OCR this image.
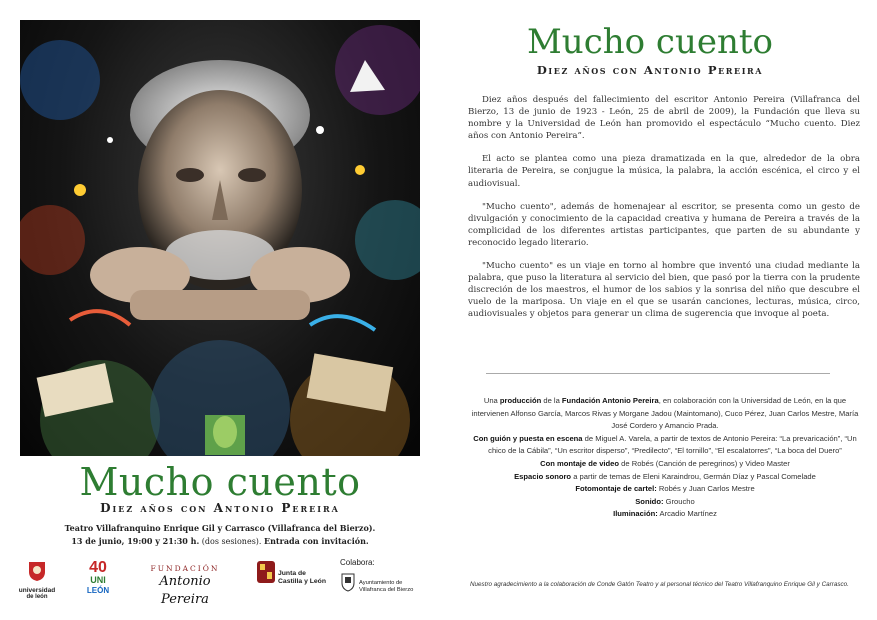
Mucho cuento
Diez años con Antonio Pereira
Teatro Villafranquino Enrique Gil y Carrasco (Villafranca del Bierzo).
13 de junio, 19:00 y 21:30 h. (dos sesiones). Entrada con invitación.
universidad
de león
40
UNI
LEÓN
FUNDACIÓN
Antonio Pereira
Junta de
Castilla y León
Colabora:
Ayuntamiento de
Villafranca del Bierzo
Mucho cuento
Diez años con Antonio Pereira

Diez años después del fallecimiento del escritor Antonio Pereira (Villafranca del Bierzo, 13 de junio de 1923 - León, 25 de abril de 2009), la Fundación que lleva su nombre y la Universidad de León han promovido el espectáculo “Mucho cuento. Diez años con Antonio Pereira”.

El acto se plantea como una pieza dramatizada en la que, alrededor de la obra literaria de Pereira, se conjugue la música, la palabra, la acción escénica, el circo y el audiovisual.

"Mucho cuento", además de homenajear al escritor, se presenta como un gesto de divulgación y conocimiento de la capacidad creativa y humana de Pereira a través de la complicidad de los diferentes artistas participantes, que parten de su abundante y reconocido legado literario.

"Mucho cuento" es un viaje en torno al hombre que inventó una ciudad mediante la palabra, que puso la literatura al servicio del bien, que pasó por la tierra con la prudente discreción de los maestros, el humor de los sabios y la sonrisa del niño que descubre el vuelo de la mariposa. Un viaje en el que se usarán canciones, lecturas, música, circo, audiovisuales y objetos para generar un clima de sugerencia que invoque al poeta.

Una producción de la Fundación Antonio Pereira, en colaboración con la Universidad de León, en la que intervienen Alfonso García, Marcos Rivas y Morgane Jadou (Maintomano), Cuco Pérez, Juan Carlos Mestre, María José Cordero y Amancio Prada.

Con guión y puesta en escena de Miguel A. Varela, a partir de textos de Antonio Pereira: “La prevaricación”, “Un chico de la Cábila”, “Un escritor disperso”, “Predilecto”, “El tornillo”, “El escalatorres”, “La boca del Duero”

Con montaje de video de Robés (Canción de peregrinos) y Video Master

Espacio sonoro a partir de temas de Eleni Karaindrou, Germán Díaz y Pascal Comelade

Fotomontaje de cartel: Robés y Juan Carlos Mestre

Sonido: Groucho

Iluminación: Arcadio Martínez

Nuestro agradecimiento a la colaboración de Conde Gatón Teatro y al personal técnico del Teatro Villafranquino Enrique Gil y Carrasco.
